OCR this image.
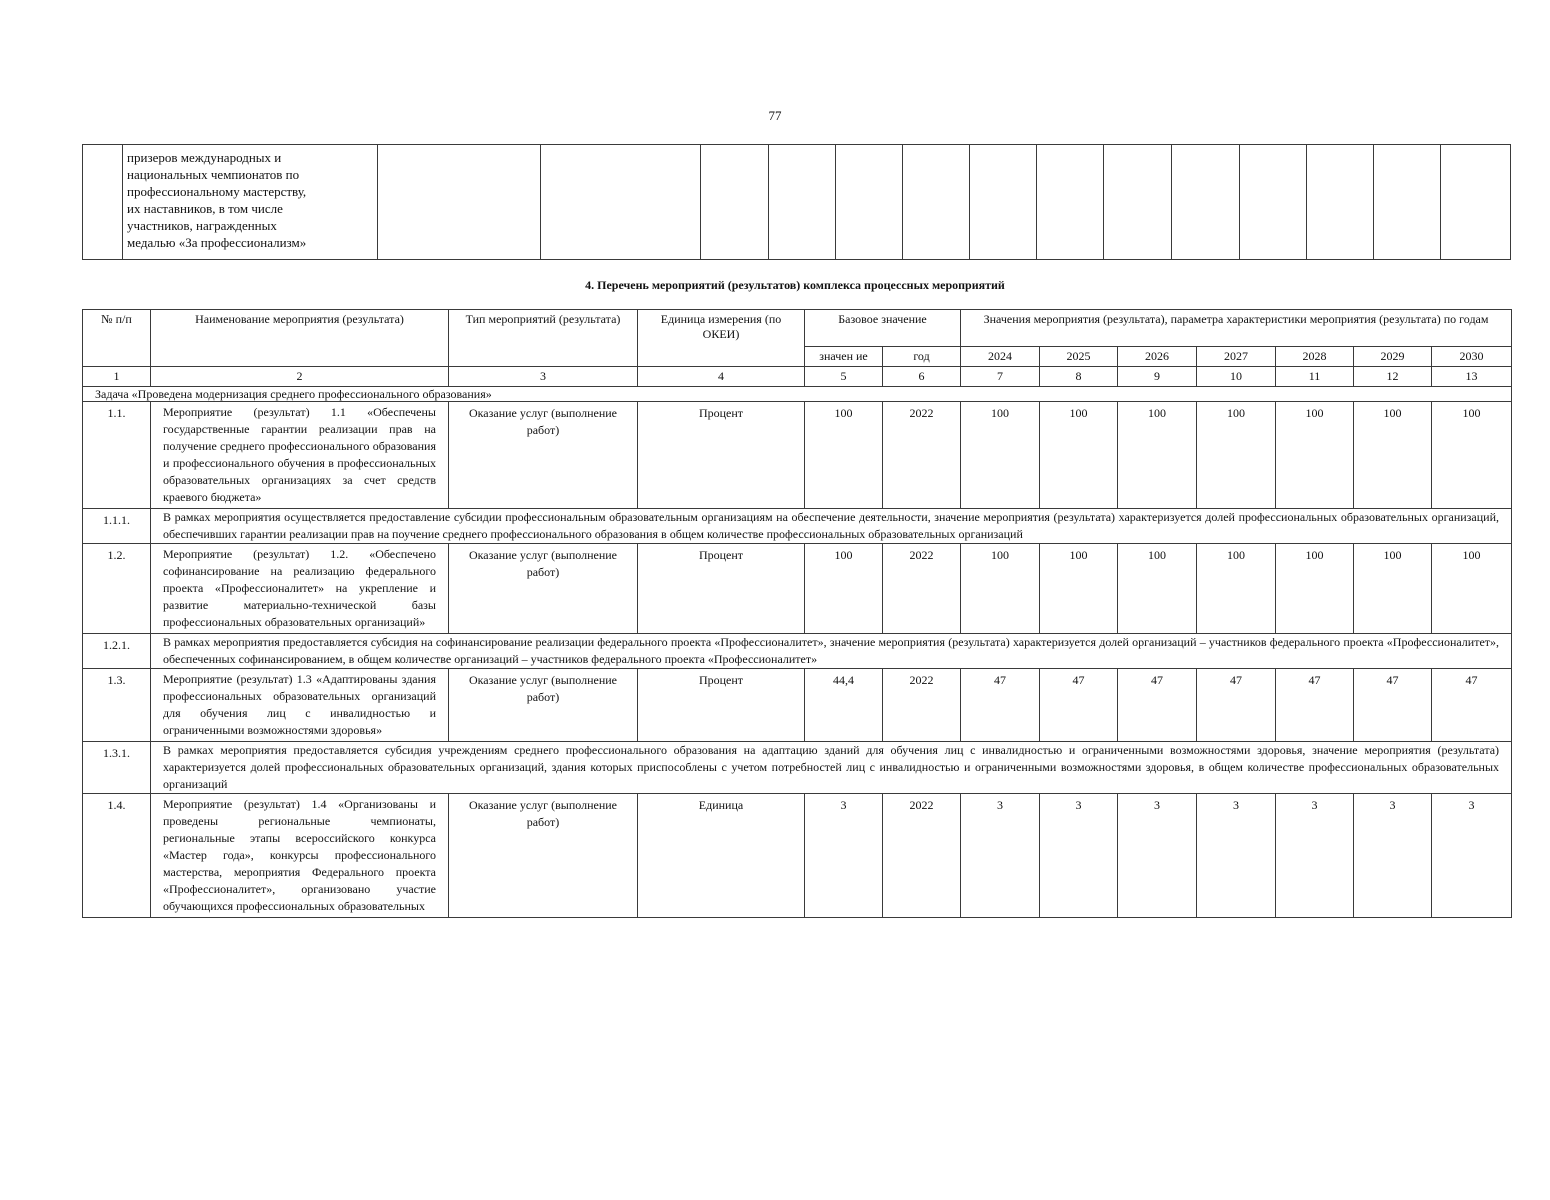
77

призеров международных и
национальных чемпионатов по
профессиональному мастерству,
их наставников, в том числе
участников, награжденных
медалью «За профессионализм»

4. Перечень мероприятий (результатов) комплекса процессных мероприятий
№ п/п	Наименование мероприятия (результата)	Тип мероприятий (результата)	Единица измерения (по ОКЕИ)	Базовое значение		Значения мероприятия (результата), параметра характеристики мероприятия (результата) по годам						
				значен ие	год	2024	2025	2026	2027	2028	2029	2030
1	2	3	4	5	6	7	8	9	10	11	12	13
Задача «Проведена модернизация среднего профессионального образования»												
1.1.	Мероприятие (результат) 1.1 «Обеспечены государственные гарантии реализации прав на получение среднего профессионального образования и профессионального обучения в профессиональных образовательных организациях за счет средств краевого бюджета»	Оказание услуг (выполнение работ)	Процент	100	2022	100	100	100	100	100	100	100
1.1.1.	В рамках мероприятия осуществляется предоставление субсидии профессиональным образовательным организациям на обеспечение деятельности, значение мероприятия (результата) характеризуется долей профессиональных образовательных организаций, обеспечивших гарантии реализации прав на поучение среднего профессионального образования в общем количестве профессиональных образовательных организаций											
1.2.	Мероприятие (результат) 1.2. «Обеспечено софинансирование на реализацию федерального проекта «Профессионалитет» на укрепление и развитие материально-технической базы профессиональных образовательных организаций»	Оказание услуг (выполнение работ)	Процент	100	2022	100	100	100	100	100	100	100
1.2.1.	В рамках мероприятия предоставляется субсидия на софинансирование реализации федерального проекта «Профессионалитет», значение мероприятия (результата) характеризуется долей организаций – участников федерального проекта «Профессионалитет», обеспеченных софинансированием, в общем количестве организаций – участников федерального проекта «Профессионалитет»											
1.3.	Мероприятие (результат) 1.3 «Адаптированы здания профессиональных образовательных организаций для обучения лиц с инвалидностью и ограниченными возможностями здоровья»	Оказание услуг (выполнение работ)	Процент	44,4	2022	47	47	47	47	47	47	47
1.3.1.	В рамках мероприятия предоставляется субсидия учреждениям среднего профессионального образования на адаптацию зданий для обучения лиц с инвалидностью и ограниченными возможностями здоровья, значение мероприятия (результата) характеризуется долей профессиональных образовательных организаций, здания которых приспособлены с учетом потребностей лиц с инвалидностью и ограниченными возможностями здоровья, в общем количестве профессиональных образовательных организаций											
1.4.	Мероприятие (результат) 1.4 «Организованы и проведены региональные чемпионаты, региональные этапы всероссийского конкурса «Мастер года», конкурсы профессионального мастерства, мероприятия Федерального проекта «Профессионалитет», организовано участие обучающихся профессиональных образовательных	Оказание услуг (выполнение работ)	Единица	3	2022	3	3	3	3	3	3	3
